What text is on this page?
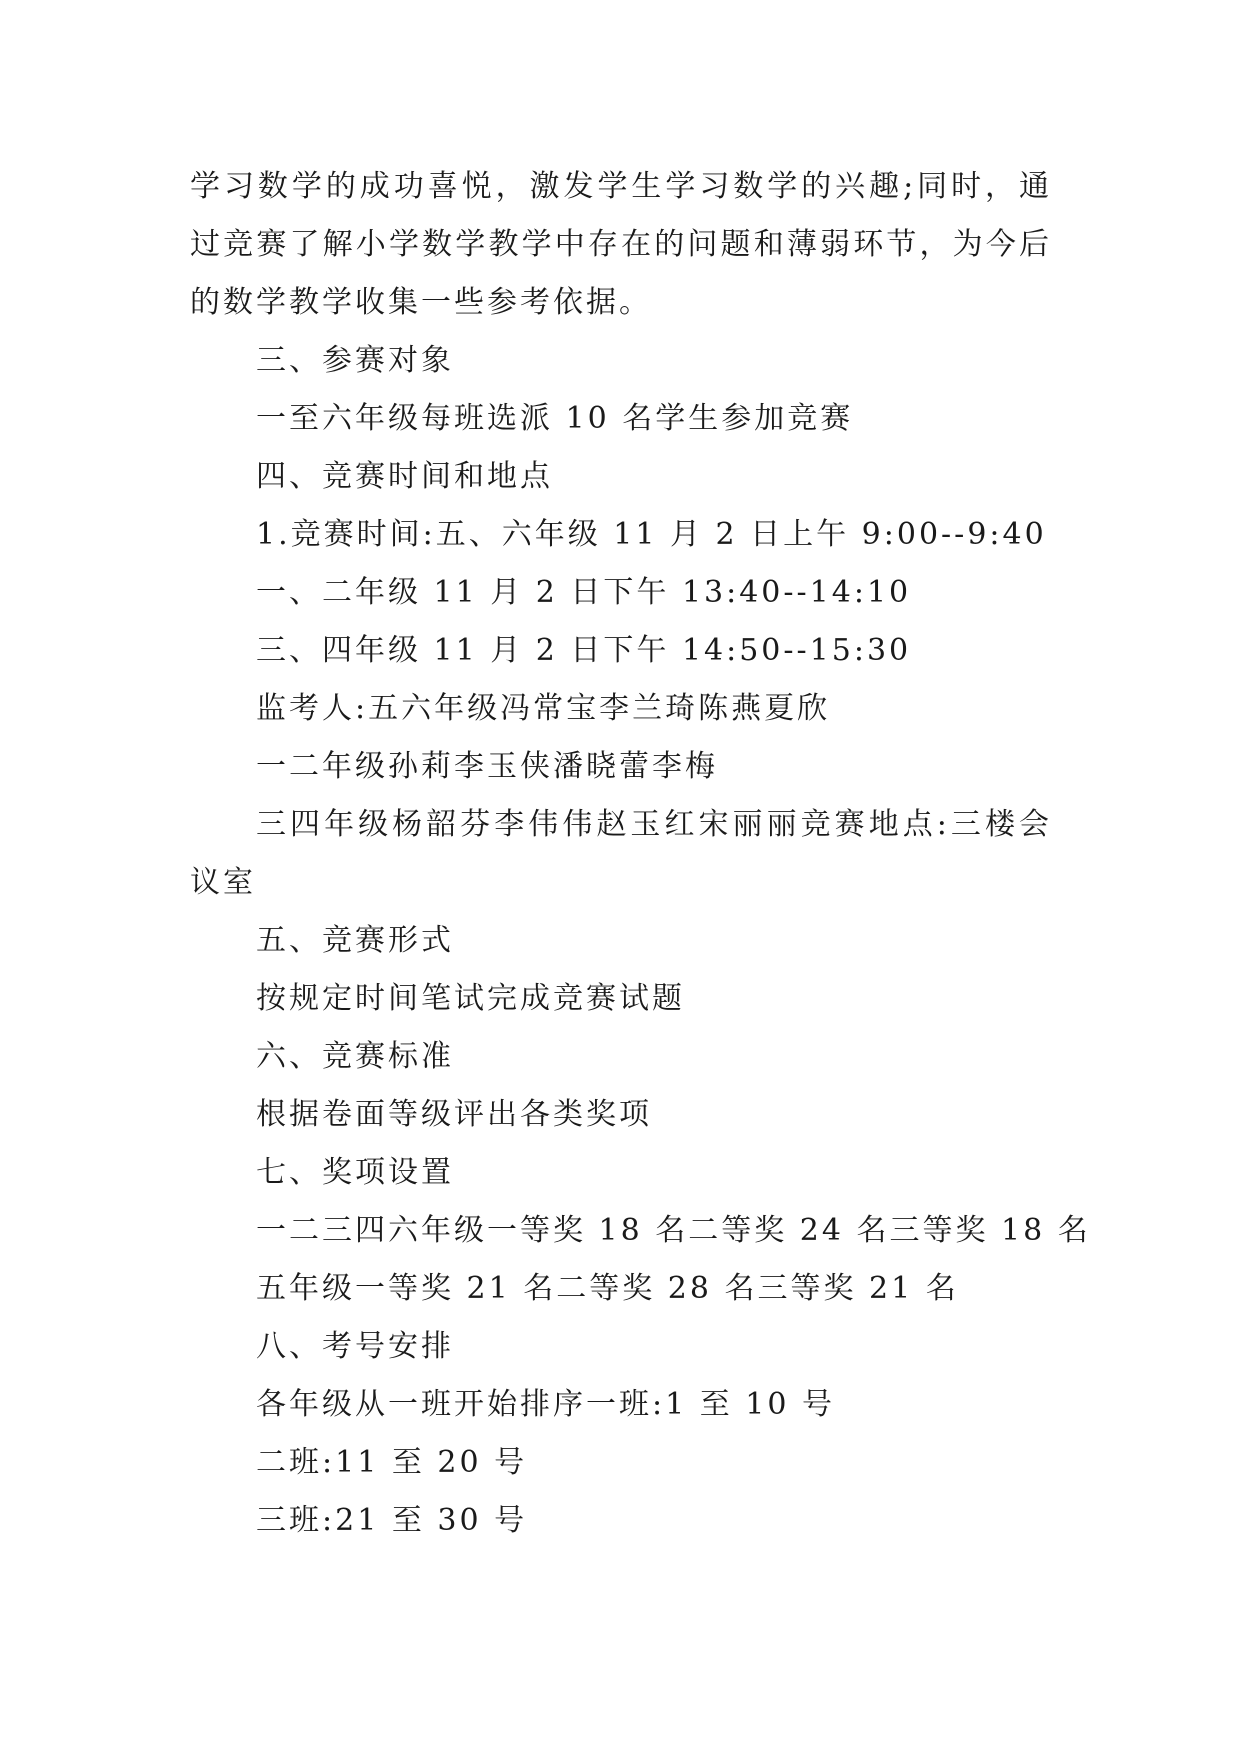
学习数学的成功喜悦，激发学生学习数学的兴趣;同时，通
过竞赛了解小学数学教学中存在的问题和薄弱环节，为今后
的数学教学收集一些参考依据。

三、参赛对象

一至六年级每班选派 10 名学生参加竞赛

四、竞赛时间和地点

1.竞赛时间:五、六年级 11 月 2 日上午 9:00--9:40

一、二年级 11 月 2 日下午 13:40--14:10

三、四年级 11 月 2 日下午 14:50--15:30

监考人:五六年级冯常宝李兰琦陈燕夏欣

一二年级孙莉李玉侠潘晓蕾李梅

三四年级杨韶芬李伟伟赵玉红宋丽丽竞赛地点:三楼会
议室

五、竞赛形式

按规定时间笔试完成竞赛试题

六、竞赛标准

根据卷面等级评出各类奖项

七、奖项设置

一二三四六年级一等奖 18 名二等奖 24 名三等奖 18 名

五年级一等奖 21 名二等奖 28 名三等奖 21 名

八、考号安排

各年级从一班开始排序一班:1 至 10 号

二班:11 至 20 号

三班:21 至 30 号
